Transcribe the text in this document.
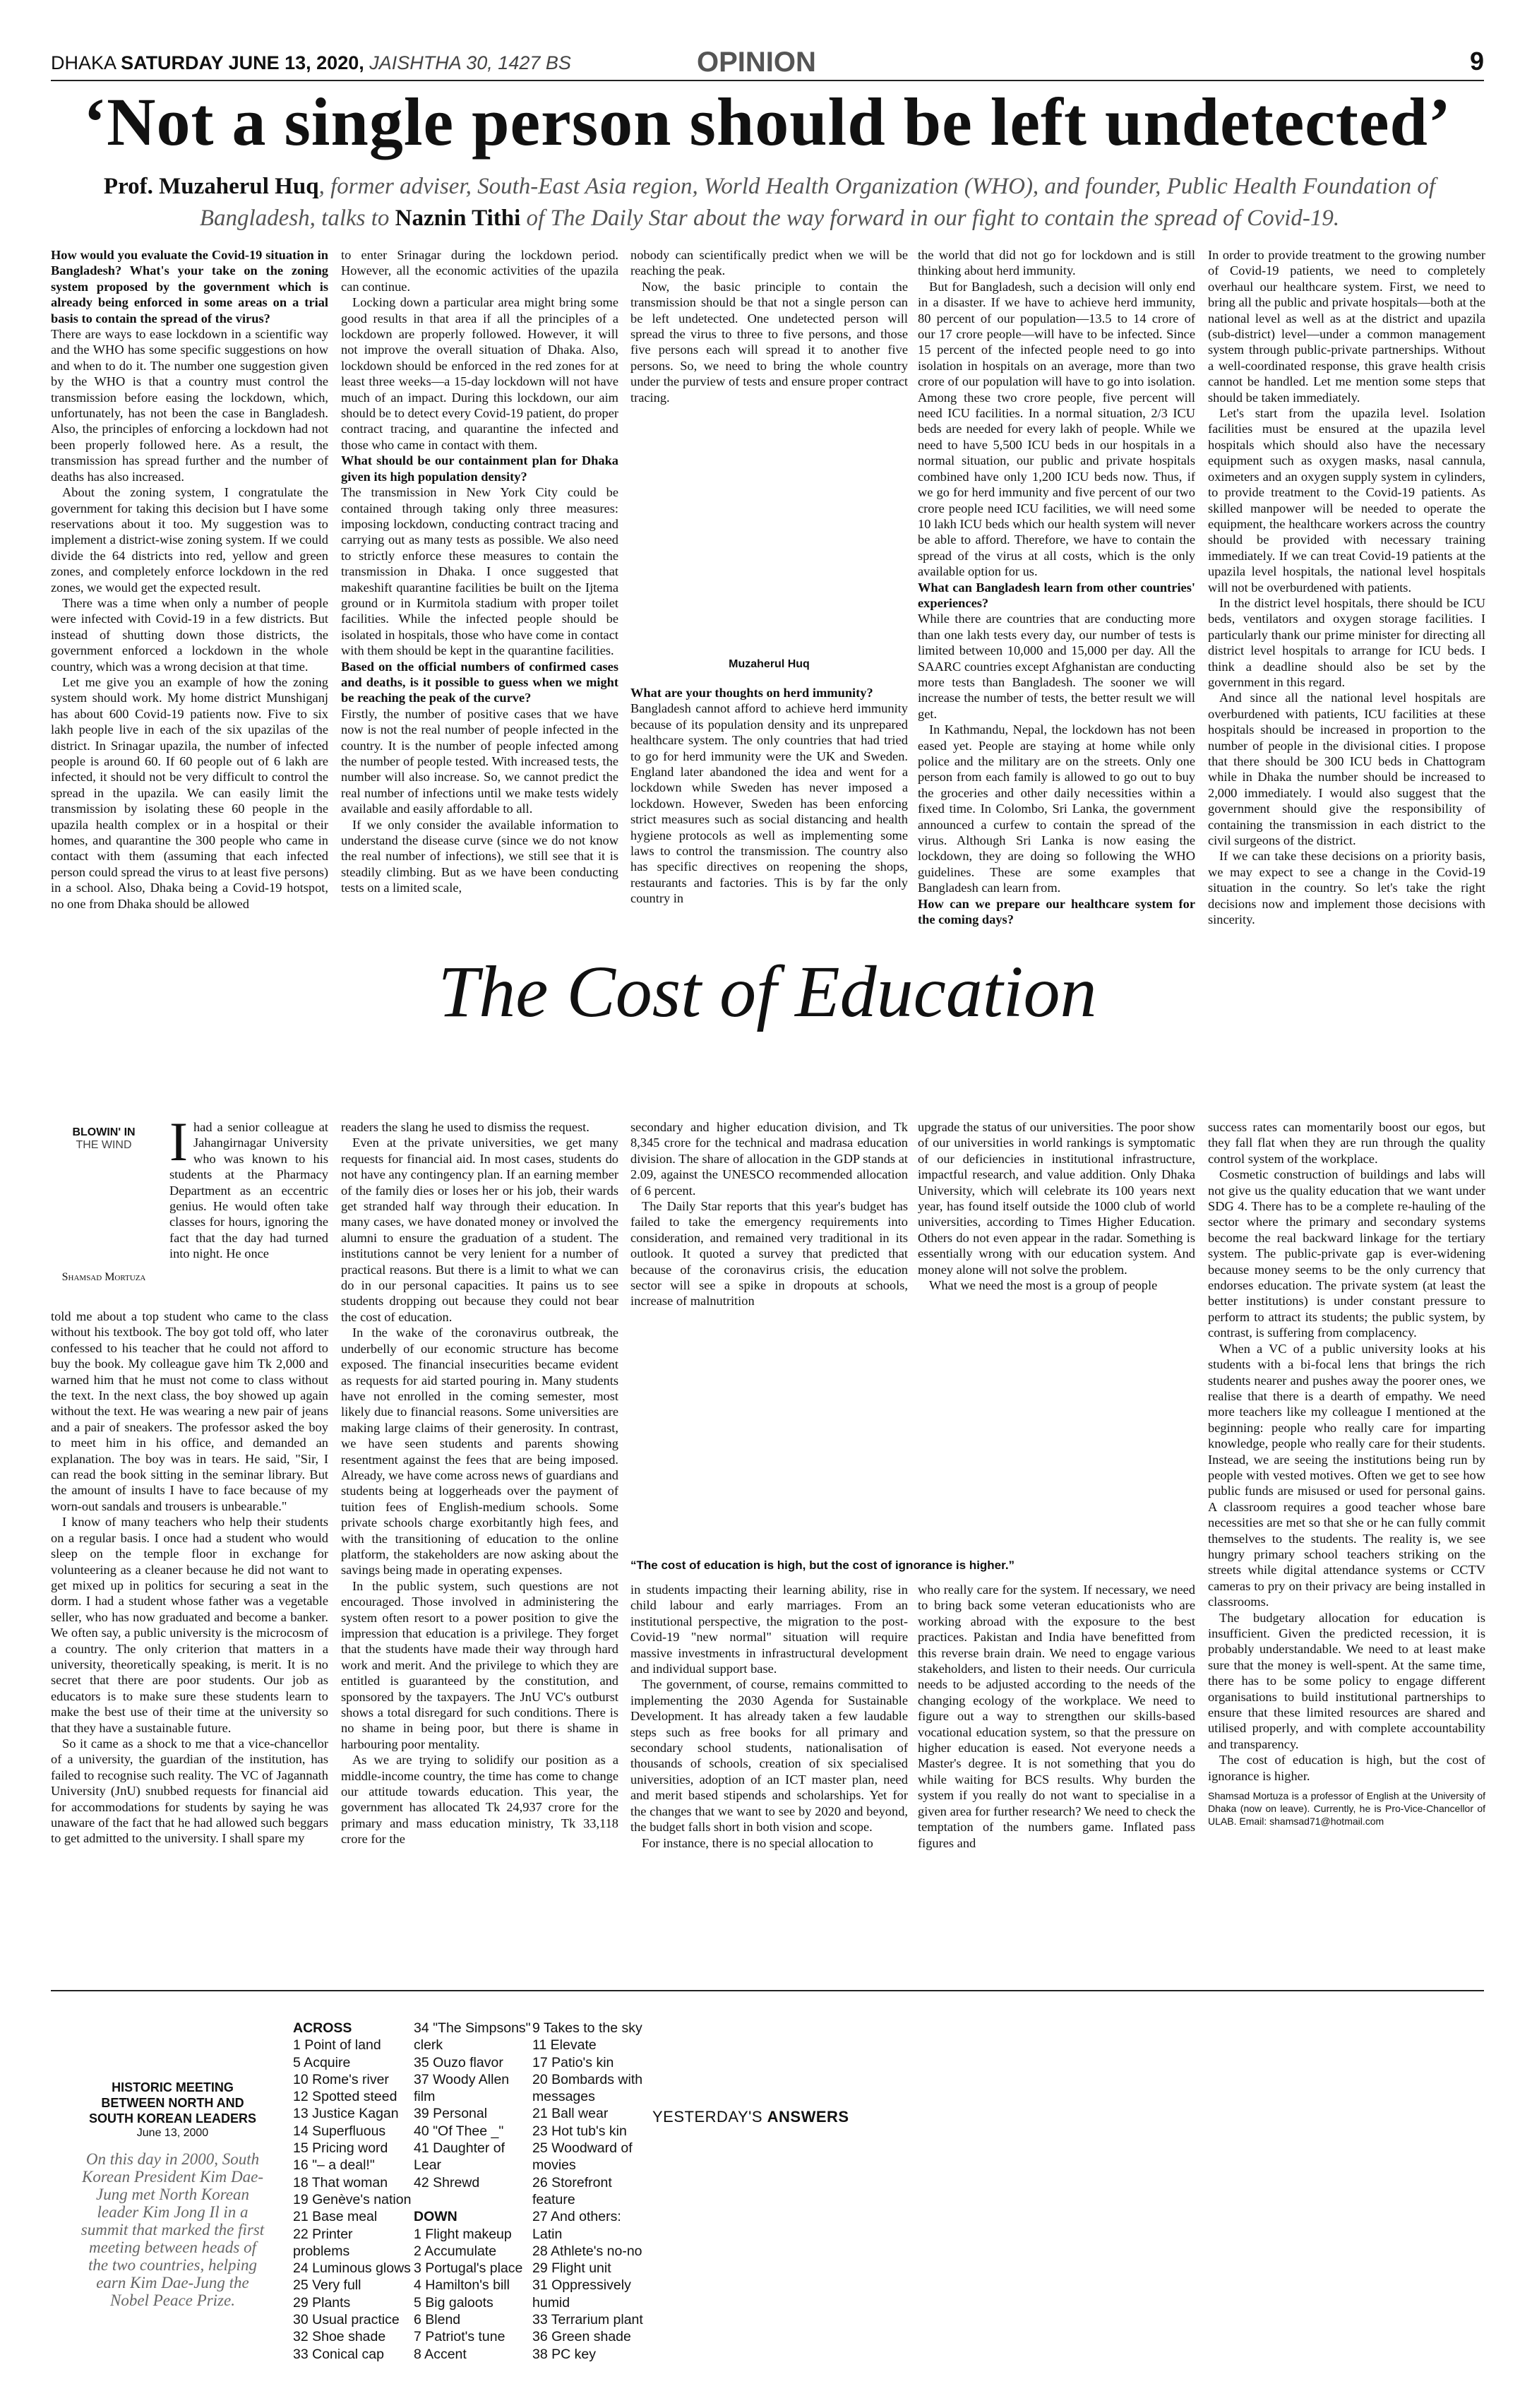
DHAKA SATURDAY JUNE 13, 2020, JAISHTHA 30, 1427 BS	OPINION	9
‘Not a single person should be left undetected’
Prof. Muzaherul Huq, former adviser, South-East Asia region, World Health Organization (WHO), and founder, Public Health Foundation of Bangladesh, talks to Naznin Tithi of The Daily Star about the way forward in our fight to contain the spread of Covid-19.

How would you evaluate the Covid-19 situation in Bangladesh? What's your take on the zoning system proposed by the government which is already being enforced in some areas on a trial basis to contain the spread of the virus?

There are ways to ease lockdown in a scientific way and the WHO has some specific suggestions on how and when to do it. The number one suggestion given by the WHO is that a country must control the transmission before easing the lockdown, which, unfortunately, has not been the case in Bangladesh. Also, the principles of enforcing a lockdown had not been properly followed here. As a result, the transmission has spread further and the number of deaths has also increased.

About the zoning system, I congratulate the government for taking this decision but I have some reservations about it too. My suggestion was to implement a district-wise zoning system. If we could divide the 64 districts into red, yellow and green zones, and completely enforce lockdown in the red zones, we would get the expected result.

There was a time when only a number of people were infected with Covid-19 in a few districts. But instead of shutting down those districts, the government enforced a lockdown in the whole country, which was a wrong decision at that time.

Let me give you an example of how the zoning system should work. My home district Munshiganj has about 600 Covid-19 patients now. Five to six lakh people live in each of the six upazilas of the district. In Srinagar upazila, the number of infected people is around 60. If 60 people out of 6 lakh are infected, it should not be very difficult to control the spread in the upazila. We can easily limit the transmission by isolating these 60 people in the upazila health complex or in a hospital or their homes, and quarantine the 300 people who came in contact with them (assuming that each infected person could spread the virus to at least five persons) in a school. Also, Dhaka being a Covid-19 hotspot, no one from Dhaka should be allowed

to enter Srinagar during the lockdown period. However, all the economic activities of the upazila can continue.

Locking down a particular area might bring some good results in that area if all the principles of a lockdown are properly followed. However, it will not improve the overall situation of Dhaka. Also, lockdown should be enforced in the red zones for at least three weeks—a 15-day lockdown will not have much of an impact. During this lockdown, our aim should be to detect every Covid-19 patient, do proper contract tracing, and quarantine the infected and those who came in contact with them.

What should be our containment plan for Dhaka given its high population density?

The transmission in New York City could be contained through taking only three measures: imposing lockdown, conducting contract tracing and carrying out as many tests as possible. We also need to strictly enforce these measures to contain the transmission in Dhaka. I once suggested that makeshift quarantine facilities be built on the Ijtema ground or in Kurmitola stadium with proper toilet facilities. While the infected people should be isolated in hospitals, those who have come in contact with them should be kept in the quarantine facilities.

Based on the official numbers of confirmed cases and deaths, is it possible to guess when we might be reaching the peak of the curve?

Firstly, the number of positive cases that we have now is not the real number of people infected in the country. It is the number of people infected among the number of people tested. With increased tests, the number will also increase. So, we cannot predict the real number of infections until we make tests widely available and easily affordable to all.

If we only consider the available information to understand the disease curve (since we do not know the real number of infections), we still see that it is steadily climbing. But as we have been conducting tests on a limited scale,

nobody can scientifically predict when we will be reaching the peak.

Now, the basic principle to contain the transmission should be that not a single person can be left undetected. One undetected person will spread the virus to three to five persons, and those five persons each will spread it to another five persons. So, we need to bring the whole country under the purview of tests and ensure proper contract tracing.

Muzaherul Huq

What are your thoughts on herd immunity?

Bangladesh cannot afford to achieve herd immunity because of its population density and its unprepared healthcare system. The only countries that had tried to go for herd immunity were the UK and Sweden. England later abandoned the idea and went for a lockdown while Sweden has never imposed a lockdown. However, Sweden has been enforcing strict measures such as social distancing and health hygiene protocols as well as implementing some laws to control the transmission. The country also has specific directives on reopening the shops, restaurants and factories. This is by far the only country in

the world that did not go for lockdown and is still thinking about herd immunity.

But for Bangladesh, such a decision will only end in a disaster. If we have to achieve herd immunity, 80 percent of our population—13.5 to 14 crore of our 17 crore people—will have to be infected. Since 15 percent of the infected people need to go into isolation in hospitals on an average, more than two crore of our population will have to go into isolation. Among these two crore people, five percent will need ICU facilities. In a normal situation, 2/3 ICU beds are needed for every lakh of people. While we need to have 5,500 ICU beds in our hospitals in a normal situation, our public and private hospitals combined have only 1,200 ICU beds now. Thus, if we go for herd immunity and five percent of our two crore people need ICU facilities, we will need some 10 lakh ICU beds which our health system will never be able to afford. Therefore, we have to contain the spread of the virus at all costs, which is the only available option for us.

What can Bangladesh learn from other countries' experiences?

While there are countries that are conducting more than one lakh tests every day, our number of tests is limited between 10,000 and 15,000 per day. All the SAARC countries except Afghanistan are conducting more tests than Bangladesh. The sooner we will increase the number of tests, the better result we will get.

In Kathmandu, Nepal, the lockdown has not been eased yet. People are staying at home while only police and the military are on the streets. Only one person from each family is allowed to go out to buy the groceries and other daily necessities within a fixed time. In Colombo, Sri Lanka, the government announced a curfew to contain the spread of the virus. Although Sri Lanka is now easing the lockdown, they are doing so following the WHO guidelines. These are some examples that Bangladesh can learn from.

How can we prepare our healthcare system for the coming days?

In order to provide treatment to the growing number of Covid-19 patients, we need to completely overhaul our healthcare system. First, we need to bring all the public and private hospitals—both at the national level as well as at the district and upazila (sub-district) level—under a common management system through public-private partnerships. Without a well-coordinated response, this grave health crisis cannot be handled. Let me mention some steps that should be taken immediately.

Let's start from the upazila level. Isolation facilities must be ensured at the upazila level hospitals which should also have the necessary equipment such as oxygen masks, nasal cannula, oximeters and an oxygen supply system in cylinders, to provide treatment to the Covid-19 patients. As skilled manpower will be needed to operate the equipment, the healthcare workers across the country should be provided with necessary training immediately. If we can treat Covid-19 patients at the upazila level hospitals, the national level hospitals will not be overburdened with patients.

In the district level hospitals, there should be ICU beds, ventilators and oxygen storage facilities. I particularly thank our prime minister for directing all district level hospitals to arrange for ICU beds. I think a deadline should also be set by the government in this regard.

And since all the national level hospitals are overburdened with patients, ICU facilities at these hospitals should be increased in proportion to the number of people in the divisional cities. I propose that there should be 300 ICU beds in Chattogram while in Dhaka the number should be increased to 2,000 immediately. I would also suggest that the government should give the responsibility of containing the transmission in each district to the civil surgeons of the district.

If we can take these decisions on a priority basis, we may expect to see a change in the Covid-19 situation in the country. So let's take the right decisions now and implement those decisions with sincerity.

The Cost of Education
BLOWIN' IN
THE WIND
Shamsad Mortuza

Ihad a senior colleague at Jahangirnagar University who was known to his students at the Pharmacy Department as an eccentric genius. He would often take classes for hours, ignoring the fact that the day had turned into night. He once

told me about a top student who came to the class without his textbook. The boy got told off, who later confessed to his teacher that he could not afford to buy the book. My colleague gave him Tk 2,000 and warned him that he must not come to class without the text. In the next class, the boy showed up again without the text. He was wearing a new pair of jeans and a pair of sneakers. The professor asked the boy to meet him in his office, and demanded an explanation. The boy was in tears. He said, "Sir, I can read the book sitting in the seminar library. But the amount of insults I have to face because of my worn-out sandals and trousers is unbearable."

I know of many teachers who help their students on a regular basis. I once had a student who would sleep on the temple floor in exchange for volunteering as a cleaner because he did not want to get mixed up in politics for securing a seat in the dorm. I had a student whose father was a vegetable seller, who has now graduated and become a banker. We often say, a public university is the microcosm of a country. The only criterion that matters in a university, theoretically speaking, is merit. It is no secret that there are poor students. Our job as educators is to make sure these students learn to make the best use of their time at the university so that they have a sustainable future.

So it came as a shock to me that a vice-chancellor of a university, the guardian of the institution, has failed to recognise such reality. The VC of Jagannath University (JnU) snubbed requests for financial aid for accommodations for students by saying he was unaware of the fact that he had allowed such beggars to get admitted to the university. I shall spare my

readers the slang he used to dismiss the request.

Even at the private universities, we get many requests for financial aid. In most cases, students do not have any contingency plan. If an earning member of the family dies or loses her or his job, their wards get stranded half way through their education. In many cases, we have donated money or involved the alumni to ensure the graduation of a student. The institutions cannot be very lenient for a number of practical reasons. But there is a limit to what we can do in our personal capacities. It pains us to see students dropping out because they could not bear the cost of education.

In the wake of the coronavirus outbreak, the underbelly of our economic structure has become exposed. The financial insecurities became evident as requests for aid started pouring in. Many students have not enrolled in the coming semester, most likely due to financial reasons. Some universities are making large claims of their generosity. In contrast, we have seen students and parents showing resentment against the fees that are being imposed. Already, we have come across news of guardians and students being at loggerheads over the payment of tuition fees of English-medium schools. Some private schools charge exorbitantly high fees, and with the transitioning of education to the online platform, the stakeholders are now asking about the savings being made in operating expenses.

In the public system, such questions are not encouraged. Those involved in administering the system often resort to a power position to give the impression that education is a privilege. They forget that the students have made their way through hard work and merit. And the privilege to which they are entitled is guaranteed by the constitution, and sponsored by the taxpayers. The JnU VC's outburst shows a total disregard for such conditions. There is no shame in being poor, but there is shame in harbouring poor mentality.

As we are trying to solidify our position as a middle-income country, the time has come to change our attitude towards education. This year, the government has allocated Tk 24,937 crore for the primary and mass education ministry, Tk 33,118 crore for the

secondary and higher education division, and Tk 8,345 crore for the technical and madrasa education division. The share of allocation in the GDP stands at 2.09, against the UNESCO recommended allocation of 6 percent.

The Daily Star reports that this year's budget has failed to take the emergency requirements into consideration, and remained very traditional in its outlook. It quoted a survey that predicted that because of the coronavirus crisis, the education sector will see a spike in dropouts at schools, increase of malnutrition

upgrade the status of our universities. The poor show of our universities in world rankings is symptomatic of our deficiencies in institutional infrastructure, impactful research, and value addition. Only Dhaka University, which will celebrate its 100 years next year, has found itself outside the 1000 club of world universities, according to Times Higher Education. Others do not even appear in the radar. Something is essentially wrong with our education system. And money alone will not solve the problem.

What we need the most is a group of people

“The cost of education is high, but the cost of ignorance is higher.”

in students impacting their learning ability, rise in child labour and early marriages. From an institutional perspective, the migration to the post-Covid-19 "new normal" situation will require massive investments in infrastructural development and individual support base.

The government, of course, remains committed to implementing the 2030 Agenda for Sustainable Development. It has already taken a few laudable steps such as free books for all primary and secondary school students, nationalisation of thousands of schools, creation of six specialised universities, adoption of an ICT master plan, need and merit based stipends and scholarships. Yet for the changes that we want to see by 2020 and beyond, the budget falls short in both vision and scope.

For instance, there is no special allocation to

who really care for the system. If necessary, we need to bring back some veteran educationists who are working abroad with the exposure to the best practices. Pakistan and India have benefitted from this reverse brain drain. We need to engage various stakeholders, and listen to their needs. Our curricula needs to be adjusted according to the needs of the changing ecology of the workplace. We need to figure out a way to strengthen our skills-based vocational education system, so that the pressure on higher education is eased. Not everyone needs a Master's degree. It is not something that you do while waiting for BCS results. Why burden the system if you really do not want to specialise in a given area for further research? We need to check the temptation of the numbers game. Inflated pass figures and

success rates can momentarily boost our egos, but they fall flat when they are run through the quality control system of the workplace.

Cosmetic construction of buildings and labs will not give us the quality education that we want under SDG 4. There has to be a complete re-hauling of the sector where the primary and secondary systems become the real backward linkage for the tertiary system. The public-private gap is ever-widening because money seems to be the only currency that endorses education. The private system (at least the better institutions) is under constant pressure to perform to attract its students; the public system, by contrast, is suffering from complacency.

When a VC of a public university looks at his students with a bi-focal lens that brings the rich students nearer and pushes away the poorer ones, we realise that there is a dearth of empathy. We need more teachers like my colleague I mentioned at the beginning: people who really care for imparting knowledge, people who really care for their students. Instead, we are seeing the institutions being run by people with vested motives. Often we get to see how public funds are misused or used for personal gains. A classroom requires a good teacher whose bare necessities are met so that she or he can fully commit themselves to the students. The reality is, we see hungry primary school teachers striking on the streets while digital attendance systems or CCTV cameras to pry on their privacy are being installed in classrooms.

The budgetary allocation for education is insufficient. Given the predicted recession, it is probably understandable. We need to at least make sure that the money is well-spent. At the same time, there has to be some policy to engage different organisations to build institutional partnerships to ensure that these limited resources are shared and utilised properly, and with complete accountability and transparency.

The cost of education is high, but the cost of ignorance is higher.

Shamsad Mortuza is a professor of English at the University of Dhaka (now on leave). Currently, he is Pro-Vice-Chancellor of ULAB. Email: shamsad71@hotmail.com

HISTORIC MEETING BETWEEN NORTH AND SOUTH KOREAN LEADERS
June 13, 2000
On this day in 2000, South Korean President Kim Dae-Jung met North Korean leader Kim Jong Il in a summit that marked the first meeting between heads of the two countries, helping earn Kim Dae-Jung the Nobel Peace Prize.
ACROSS
1 Point of land
5 Acquire
10 Rome's river
12 Spotted steed
13 Justice Kagan
14 Superfluous
15 Pricing word
16 "– a deal!"
18 That woman
19 Genève's nation
21 Base meal
22 Printer
problems
24 Luminous glows
25 Very full
29 Plants
30 Usual practice
32 Shoe shade
33 Conical cap
34 "The Simpsons"
clerk
35 Ouzo flavor
37 Woody Allen
film
39 Personal
40 "Of Thee _"
41 Daughter of
Lear
42 Shrewd

DOWN
1 Flight makeup
2 Accumulate
3 Portugal's place
4 Hamilton's bill
5 Big galoots
6 Blend
7 Patriot's tune
8 Accent
9 Takes to the sky
11 Elevate
17 Patio's kin
20 Bombards with
messages
21 Ball wear
23 Hot tub's kin
25 Woodward of
movies
26 Storefront
feature
27 And others:
Latin
28 Athlete's no-no
29 Flight unit
31 Oppressively
humid
33 Terrarium plant
36 Green shade
38 PC key
YESTERDAY'S ANSWERS
